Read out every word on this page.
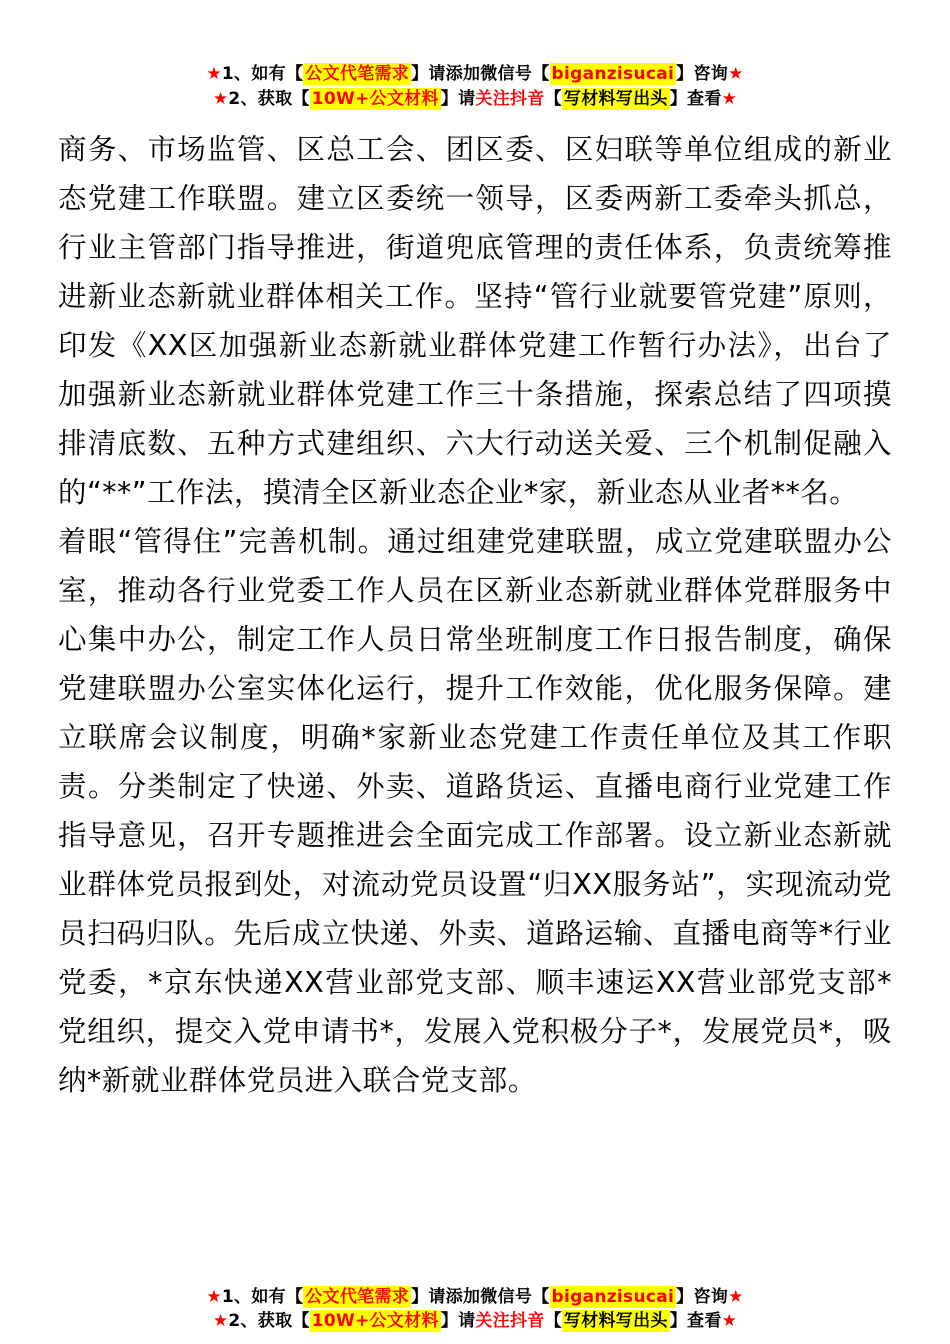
★1、如有【 公文代笔需求 】请添加微信号【 biganzisucai 】咨询★
★2、获取【 10W+公文材料 】请关注抖音【 写材料写出头 】查看★

商务、市场监管、区总工会、团区委、区妇联等单位组成的新业态党建工作联盟。建立区委统一领导，区委两新工委牵头抓总，行业主管部门指导推进，街道兜底管理的责任体系，负责统筹推进新业态新就业群体相关工作。坚持“管行业就要管党建”原则，印发《XX区加强新业态新就业群体党建工作暂行办法》，出台了加强新业态新就业群体党建工作三十条措施，探索总结了四项摸排清底数、五种方式建组织、六大行动送关爱、三个机制促融入的“**”工作法，摸清全区新业态企业*家，新业态从业者**名。

着眼“管得住”完善机制。通过组建党建联盟，成立党建联盟办公室，推动各行业党委工作人员在区新业态新就业群体党群服务中心集中办公，制定工作人员日常坐班制度工作日报告制度，确保党建联盟办公室实体化运行，提升工作效能，优化服务保障。建立联席会议制度，明确*家新业态党建工作责任单位及其工作职责。分类制定了快递、外卖、道路货运、直播电商行业党建工作指导意见，召开专题推进会全面完成工作部署。设立新业态新就业群体党员报到处，对流动党员设置“归XX服务站”，实现流动党员扫码归队。先后成立快递、外卖、道路运输、直播电商等*行业党委，*京东快递XX营业部党支部、顺丰速运XX营业部党支部*党组织，提交入党申请书*，发展入党积极分子*，发展党员*，吸纳*新就业群体党员进入联合党支部。

★1、如有【 公文代笔需求 】请添加微信号【 biganzisucai 】咨询★
★2、获取【 10W+公文材料 】请关注抖音【 写材料写出头 】查看★
